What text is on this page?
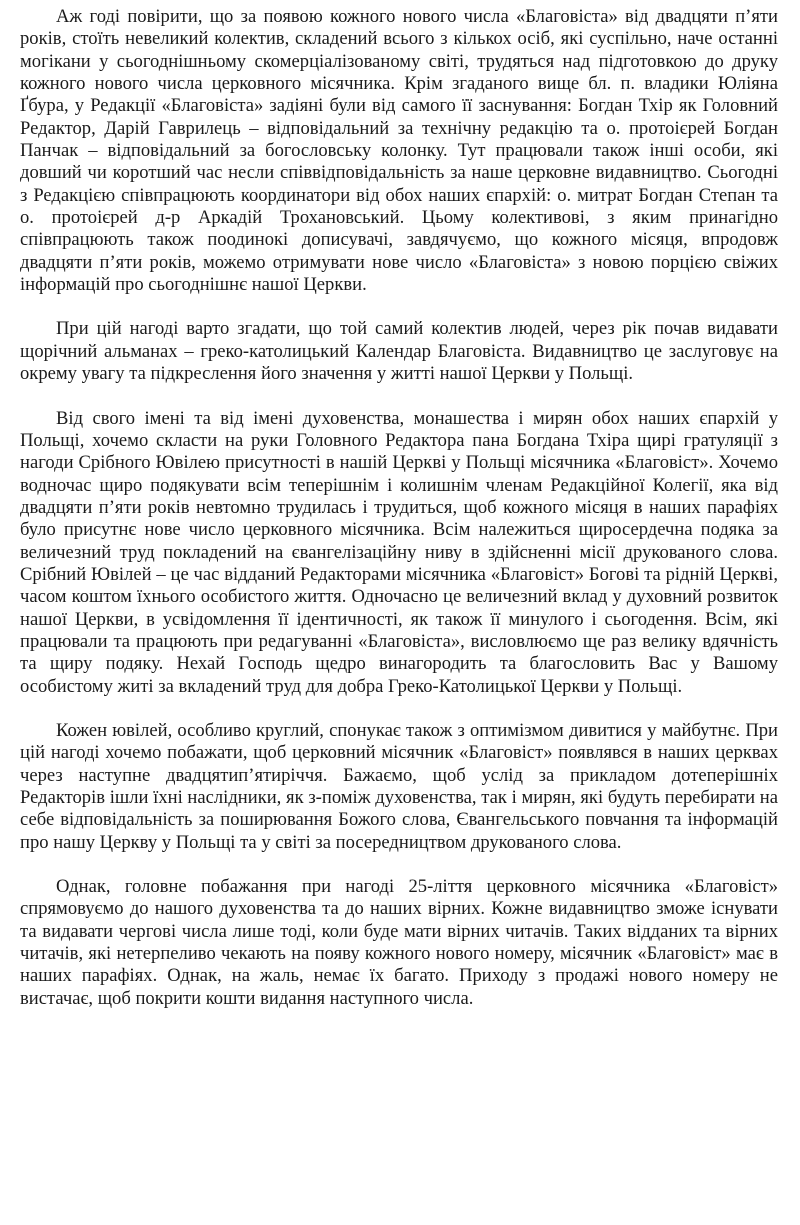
Аж годі повірити, що за появою кожного нового числа «Благовіста» від двадцяти п’яти років, стоїть невеликий колектив, складений всього з кількох осіб, які суспільно, наче останні могікани у сьогоднішньому скомерціалізованому світі, трудяться над підготовкою до друку кожного нового числа церковного місячника. Крім згаданого вище бл. п. владики Юліяна Ґбура, у Редакції «Благовіста» задіяні були від самого її заснування: Богдан Тхір як Головний Редактор, Дарій Гаврилець – відповідальний за технічну редакцію та о. протоієрей Богдан Панчак – відповідальний за богословську колонку. Тут працювали також інші особи, які довший чи коротший час несли співвідповідальність за наше церковне видавництво. Сьогодні з Редакцією співпрацюють координатори від обох наших єпархій: о. митрат Богдан Степан та о. протоієрей д-р Аркадій Трохановський. Цьому колективові, з яким принагідно співпрацюють також поодинокі дописувачі, завдячуємо, що кожного місяця, впродовж двадцяти п’яти років, можемо отримувати нове число «Благовіста» з новою порцією свіжих інформацій про сьогоднішнє нашої Церкви.

При цій нагоді варто згадати, що той самий колектив людей, через рік почав видавати щорічний альманах – греко-католицький Календар Благовіста. Видавництво це заслуговує на окрему увагу та підкреслення його значення у житті нашої Церкви у Польщі.

Від свого імені та від імені духовенства, монашества і мирян обох наших єпархій у Польщі, хочемо скласти на руки Головного Редактора пана Богдана Тхіра щирі гратуляції з нагоди Срібного Ювілею присутності в нашій Церкві у Польщі місячника «Благовіст». Хочемо водночас щиро подякувати всім теперішнім і колишнім членам Редакційної Колегії, яка від двадцяти п’яти років невтомно трудилась і трудиться, щоб кожного місяця в наших парафіях було присутнє нове число церковного місячника. Всім належиться щиросердечна подяка за величезний труд покладений на євангелізаційну ниву в здійсненні місії друкованого слова. Срібний Ювілей – це час відданий Редакторами місячника «Благовіст» Богові та рідній Церкві, часом коштом їхнього особистого життя. Одночасно це величезний вклад у духовний розвиток нашої Церкви, в усвідомлення її ідентичності, як також її минулого і сьогодення. Всім, які працювали та працюють при редагуванні «Благовіста», висловлюємо ще раз велику вдячність та щиру подяку. Нехай Господь щедро винагородить та благословить Вас у Вашому особистому житі за вкладений труд для добра Греко-Католицької Церкви у Польщі.

Кожен ювілей, особливо круглий, спонукає також з оптимізмом дивитися у майбутнє. При цій нагоді хочемо побажати, щоб церковний місячник «Благовіст» появлявся в наших церквах через наступне двадцятип’ятиріччя. Бажаємо, щоб услід за прикладом дотеперішніх Редакторів ішли їхні наслідники, як з-поміж духовенства, так і мирян, які будуть перебирати на себе відповідальність за поширювання Божого слова, Євангельського повчання та інформацій про нашу Церкву у Польщі та у світі за посередництвом друкованого слова.

Однак, головне побажання при нагоді 25-ліття церковного місячника «Благовіст» спрямовуємо до нашого духовенства та до наших вірних. Кожне видавництво зможе існувати та видавати чергові числа лише тоді, коли буде мати вірних читачів. Таких відданих та вірних читачів, які нетерпеливо чекають на появу кожного нового номеру, місячник «Благовіст» має в наших парафіях. Однак, на жаль, немає їх багато. Приходу з продажі нового номеру не вистачає, щоб покрити кошти видання наступного числа.
